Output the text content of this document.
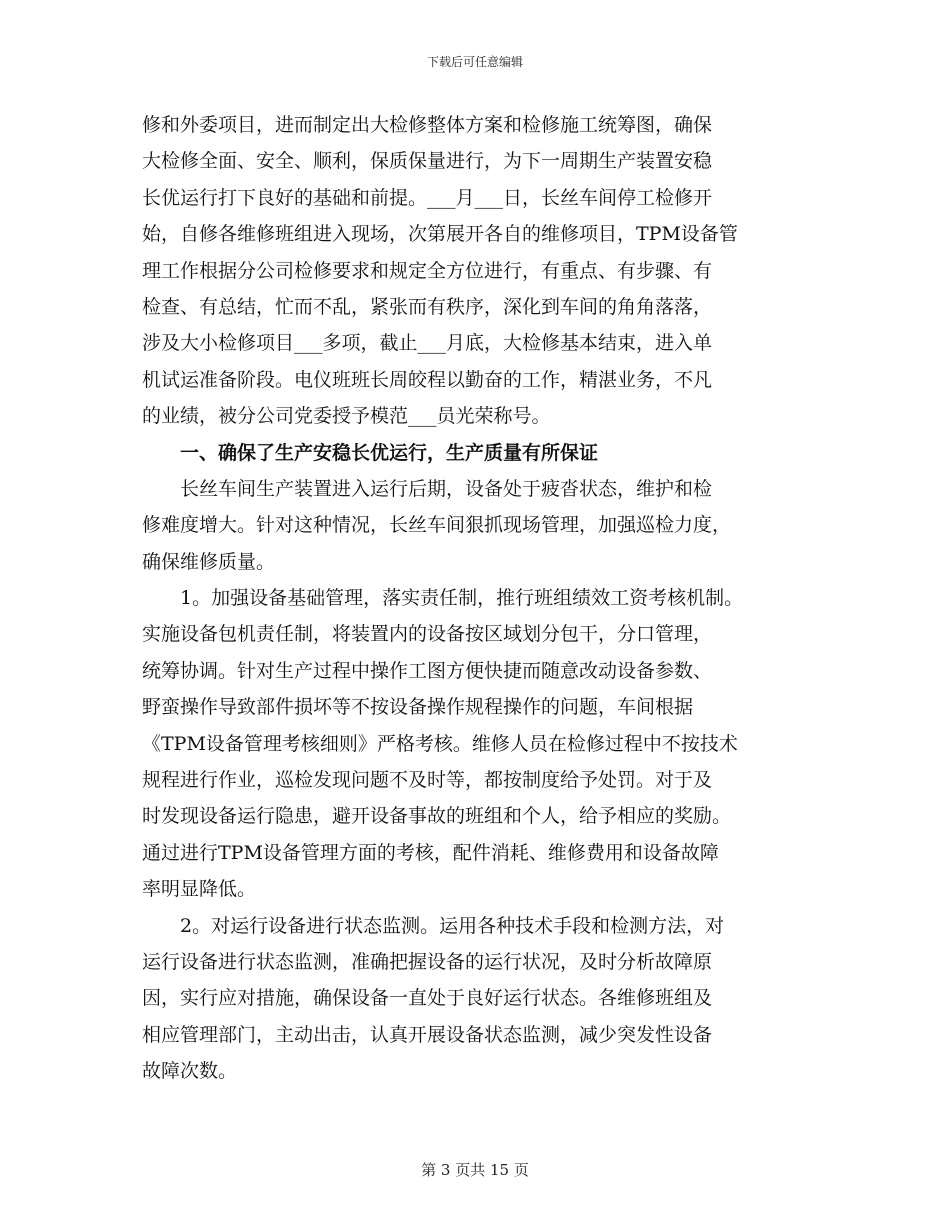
下载后可任意编辑
修和外委项目，进而制定出大检修整体方案和检修施工统筹图，确保
大检修全面、安全、顺利，保质保量进行，为下一周期生产装置安稳
长优运行打下良好的基础和前提。___月___日，长丝车间停工检修开
始，自修各维修班组进入现场，次第展开各自的维修项目，TPM设备管
理工作根据分公司检修要求和规定全方位进行，有重点、有步骤、有
检查、有总结，忙而不乱，紧张而有秩序，深化到车间的角角落落，
涉及大小检修项目___多项，截止___月底，大检修基本结束，进入单
机试运准备阶段。电仪班班长周皎程以勤奋的工作，精湛业务，不凡
的业绩，被分公司党委授予模范___员光荣称号。
一、确保了生产安稳长优运行，生产质量有所保证
长丝车间生产装置进入运行后期，设备处于疲沓状态，维护和检
修难度增大。针对这种情况，长丝车间狠抓现场管理，加强巡检力度，
确保维修质量。
1。加强设备基础管理，落实责任制，推行班组绩效工资考核机制。
实施设备包机责任制，将装置内的设备按区域划分包干，分口管理，
统筹协调。针对生产过程中操作工图方便快捷而随意改动设备参数、
野蛮操作导致部件损坏等不按设备操作规程操作的问题，车间根据
《TPM设备管理考核细则》严格考核。维修人员在检修过程中不按技术
规程进行作业，巡检发现问题不及时等，都按制度给予处罚。对于及
时发现设备运行隐患，避开设备事故的班组和个人，给予相应的奖励。
通过进行TPM设备管理方面的考核，配件消耗、维修费用和设备故障
率明显降低。
2。对运行设备进行状态监测。运用各种技术手段和检测方法，对
运行设备进行状态监测，准确把握设备的运行状况，及时分析故障原
因，实行应对措施，确保设备一直处于良好运行状态。各维修班组及
相应管理部门，主动出击，认真开展设备状态监测，减少突发性设备
故障次数。
第 3 页共 15 页
